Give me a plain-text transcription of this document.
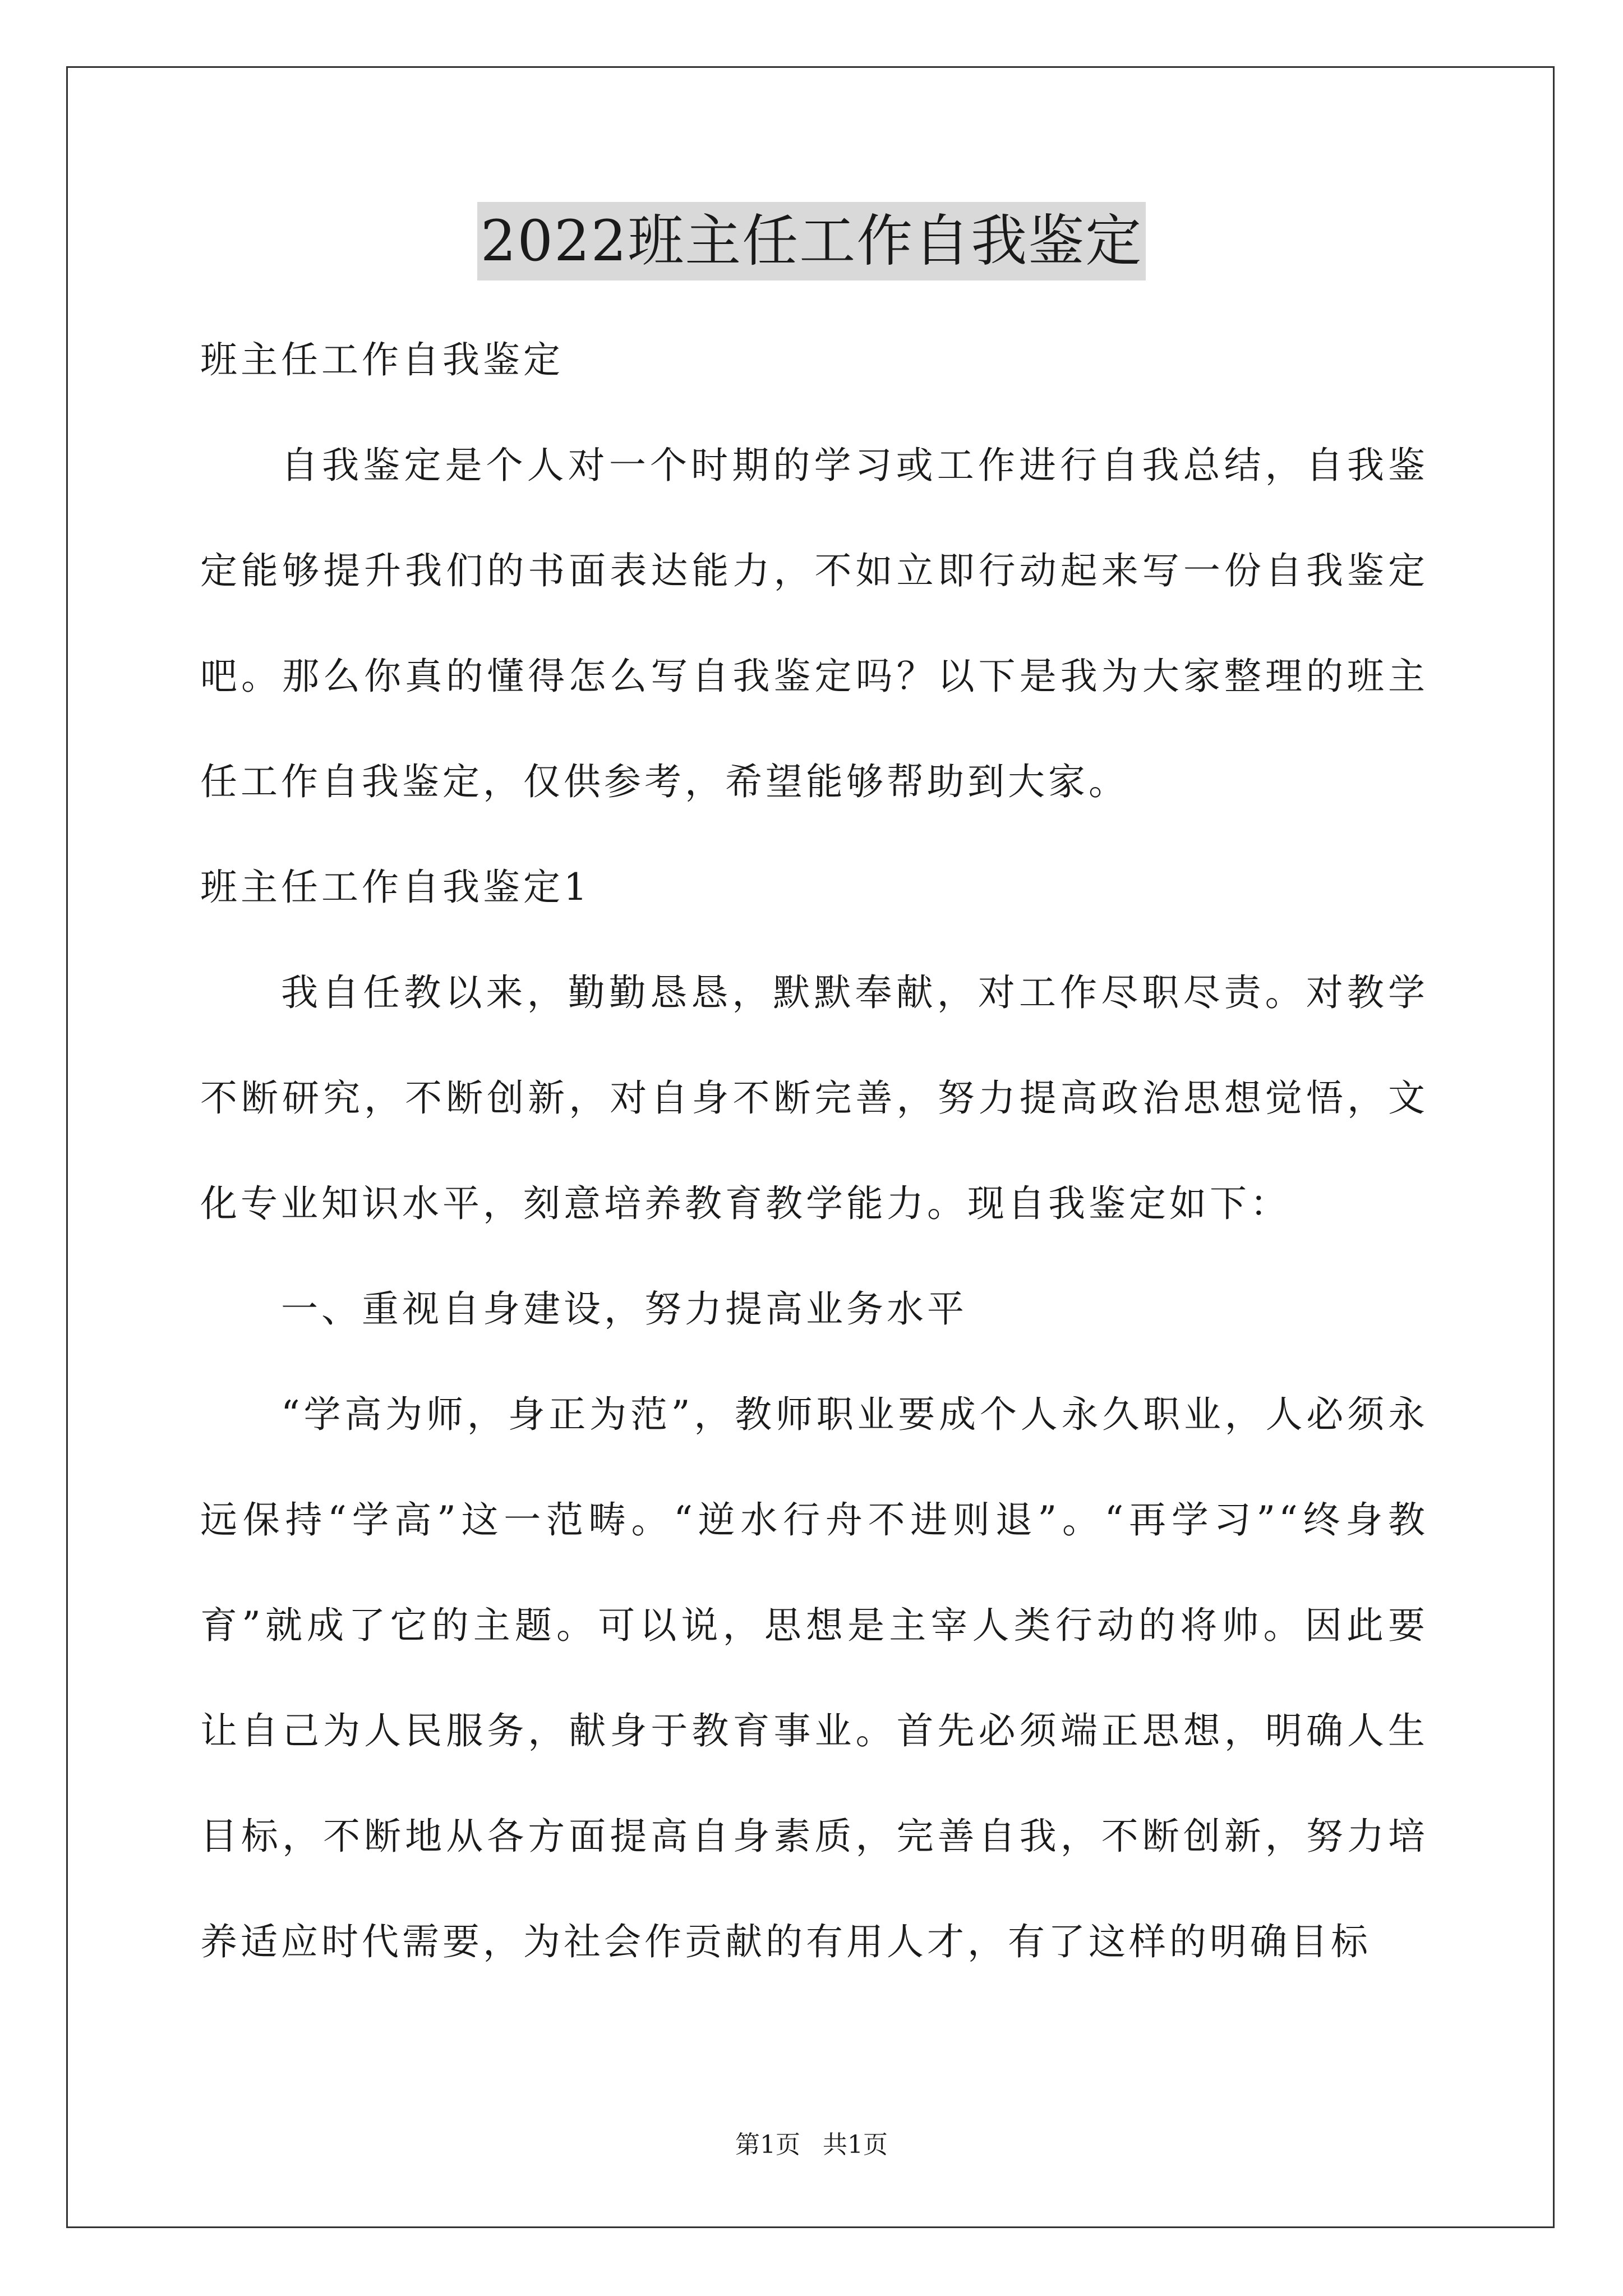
2022班主任工作自我鉴定

班主任工作自我鉴定

自我鉴定是个人对一个时期的学习或工作进行自我总结，自我鉴定能够提升我们的书面表达能力，不如立即行动起来写一份自我鉴定吧。那么你真的懂得怎么写自我鉴定吗？以下是我为大家整理的班主任工作自我鉴定，仅供参考，希望能够帮助到大家。

班主任工作自我鉴定1

我自任教以来，勤勤恳恳，默默奉献，对工作尽职尽责。对教学不断研究，不断创新，对自身不断完善，努力提高政治思想觉悟，文化专业知识水平，刻意培养教育教学能力。现自我鉴定如下：

一、重视自身建设，努力提高业务水平

“学高为师，身正为范”，教师职业要成个人永久职业，人必须永远保持“学高”这一范畴。“逆水行舟不进则退”。“再学习”“终身教育”就成了它的主题。可以说，思想是主宰人类行动的将帅。因此要让自己为人民服务，献身于教育事业。首先必须端正思想，明确人生目标，不断地从各方面提高自身素质，完善自我，不断创新，努力培养适应时代需要，为社会作贡献的有用人才，有了这样的明确目标

第1页 共1页
